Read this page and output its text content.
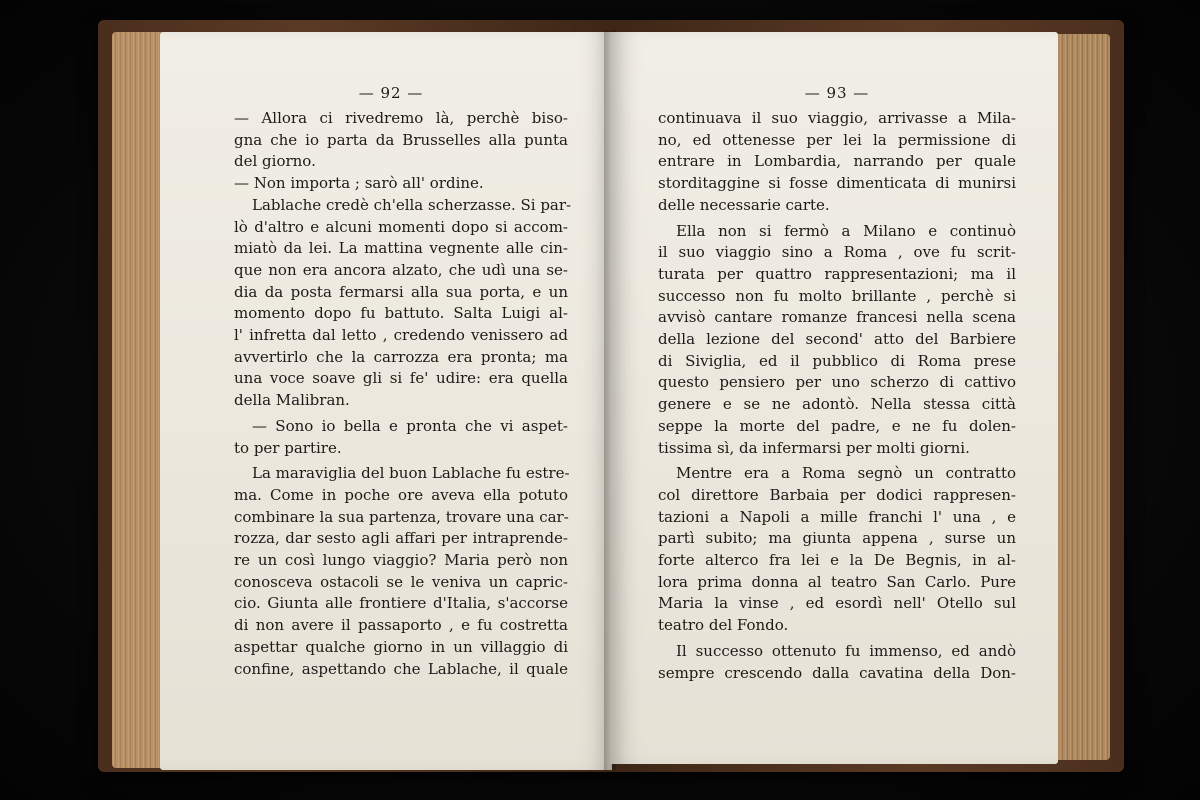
— 92 —
— Allora ci rivedremo là, perchè biso-
gna che io parta da Brusselles alla punta
del giorno.
— Non importa ; sarò all' ordine.
Lablache credè ch'ella scherzasse. Si par-
lò d'altro e alcuni momenti dopo si accom-
miatò da lei. La mattina vegnente alle cin-
que non era ancora alzato, che udì una se-
dia da posta fermarsi alla sua porta, e un
momento dopo fu battuto. Salta Luigi al-
l' infretta dal letto , credendo venissero ad
avvertirlo che la carrozza era pronta; ma
una voce soave gli si fe' udire: era quella
della Malibran.
— Sono io bella e pronta che vi aspet-
to per partire.
La maraviglia del buon Lablache fu estre-
ma. Come in poche ore aveva ella potuto
combinare la sua partenza, trovare una car-
rozza, dar sesto agli affari per intraprende-
re un così lungo viaggio? Maria però non
conosceva ostacoli se le veniva un capric-
cio. Giunta alle frontiere d'Italia, s'accorse
di non avere il passaporto , e fu costretta
aspettar qualche giorno in un villaggio di
confine, aspettando che Lablache, il quale
— 93 —
continuava il suo viaggio, arrivasse a Mila-
no, ed ottenesse per lei la permissione di
entrare in Lombardia, narrando per quale
storditaggine si fosse dimenticata di munirsi
delle necessarie carte.
Ella non si fermò a Milano e continuò
il suo viaggio sino a Roma , ove fu scrit-
turata per quattro rappresentazioni; ma il
successo non fu molto brillante , perchè si
avvisò cantare romanze francesi nella scena
della lezione del second' atto del Barbiere
di Siviglia, ed il pubblico di Roma prese
questo pensiero per uno scherzo di cattivo
genere e se ne adontò. Nella stessa città
seppe la morte del padre, e ne fu dolen-
tissima sì, da infermarsi per molti giorni.
Mentre era a Roma segnò un contratto
col direttore Barbaia per dodici rappresen-
tazioni a Napoli a mille franchi l' una , e
partì subito; ma giunta appena , surse un
forte alterco fra lei e la De Begnis, in al-
lora prima donna al teatro San Carlo. Pure
Maria la vinse , ed esordì nell' Otello sul
teatro del Fondo.
Il successo ottenuto fu immenso, ed andò
sempre crescendo dalla cavatina della Don-
